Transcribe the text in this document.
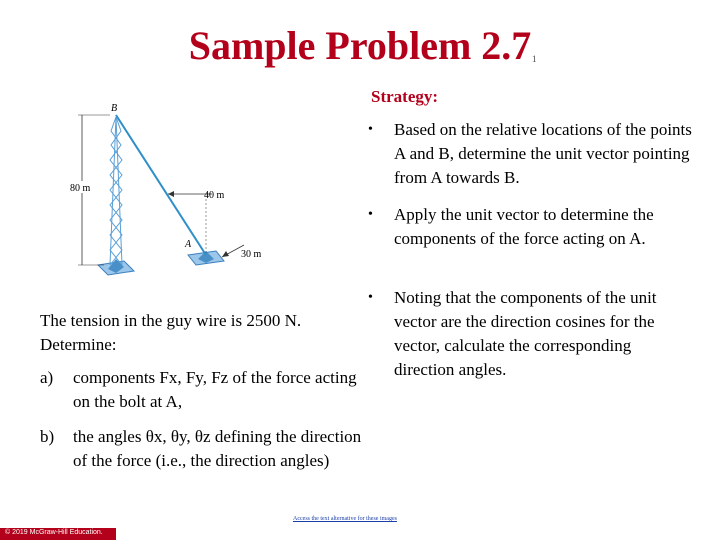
Sample Problem 2.7 1
Strategy:
• Based on the relative locations of the points A and B, determine the unit vector pointing from A towards B.
• Apply the unit vector to determine the components of the force acting on A.
• Noting that the components of the unit vector are the direction cosines for the vector, calculate the corresponding direction angles.
The tension in the guy wire is 2500 N. Determine:
a) components Fx, Fy, Fz of the force acting on the bolt at A,
b) the angles θx, θy, θz defining the direction of the force (i.e., the direction angles)
80 m
40 m
30 m
B
A
Access the text alternative for these images
© 2019 McGraw-Hill Education.
